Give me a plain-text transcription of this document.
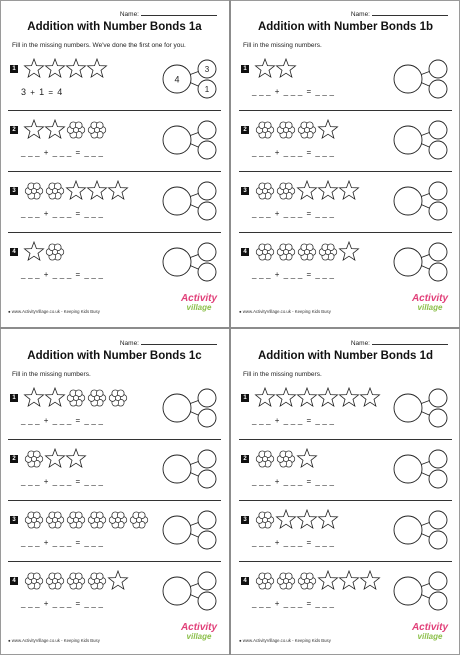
Name:
Addition with Number Bonds 1a
Fill in the missing numbers. We've done the first one for you.
1
3 + 1 = 4
4
3
1
2
_ _ _ + _ _ _ = _ _ _
3
_ _ _ + _ _ _ = _ _ _
4
_ _ _ + _ _ _ = _ _ _
● www.ActivityVillage.co.uk - Keeping Kids Busy
Activity
village
Name:
Addition with Number Bonds 1b
Fill in the missing numbers.
1
_ _ _ + _ _ _ = _ _ _
2
_ _ _ + _ _ _ = _ _ _
3
_ _ _ + _ _ _ = _ _ _
4
_ _ _ + _ _ _ = _ _ _
● www.ActivityVillage.co.uk - Keeping Kids Busy
Activity
village
Name:
Addition with Number Bonds 1c
Fill in the missing numbers.
1
_ _ _ + _ _ _ = _ _ _
2
_ _ _ + _ _ _ = _ _ _
3
_ _ _ + _ _ _ = _ _ _
4
_ _ _ + _ _ _ = _ _ _
● www.ActivityVillage.co.uk - Keeping Kids Busy
Activity
village
Name:
Addition with Number Bonds 1d
Fill in the missing numbers.
1
_ _ _ + _ _ _ = _ _ _
2
_ _ _ + _ _ _ = _ _ _
3
_ _ _ + _ _ _ = _ _ _
4
_ _ _ + _ _ _ = _ _ _
● www.ActivityVillage.co.uk - Keeping Kids Busy
Activity
village
